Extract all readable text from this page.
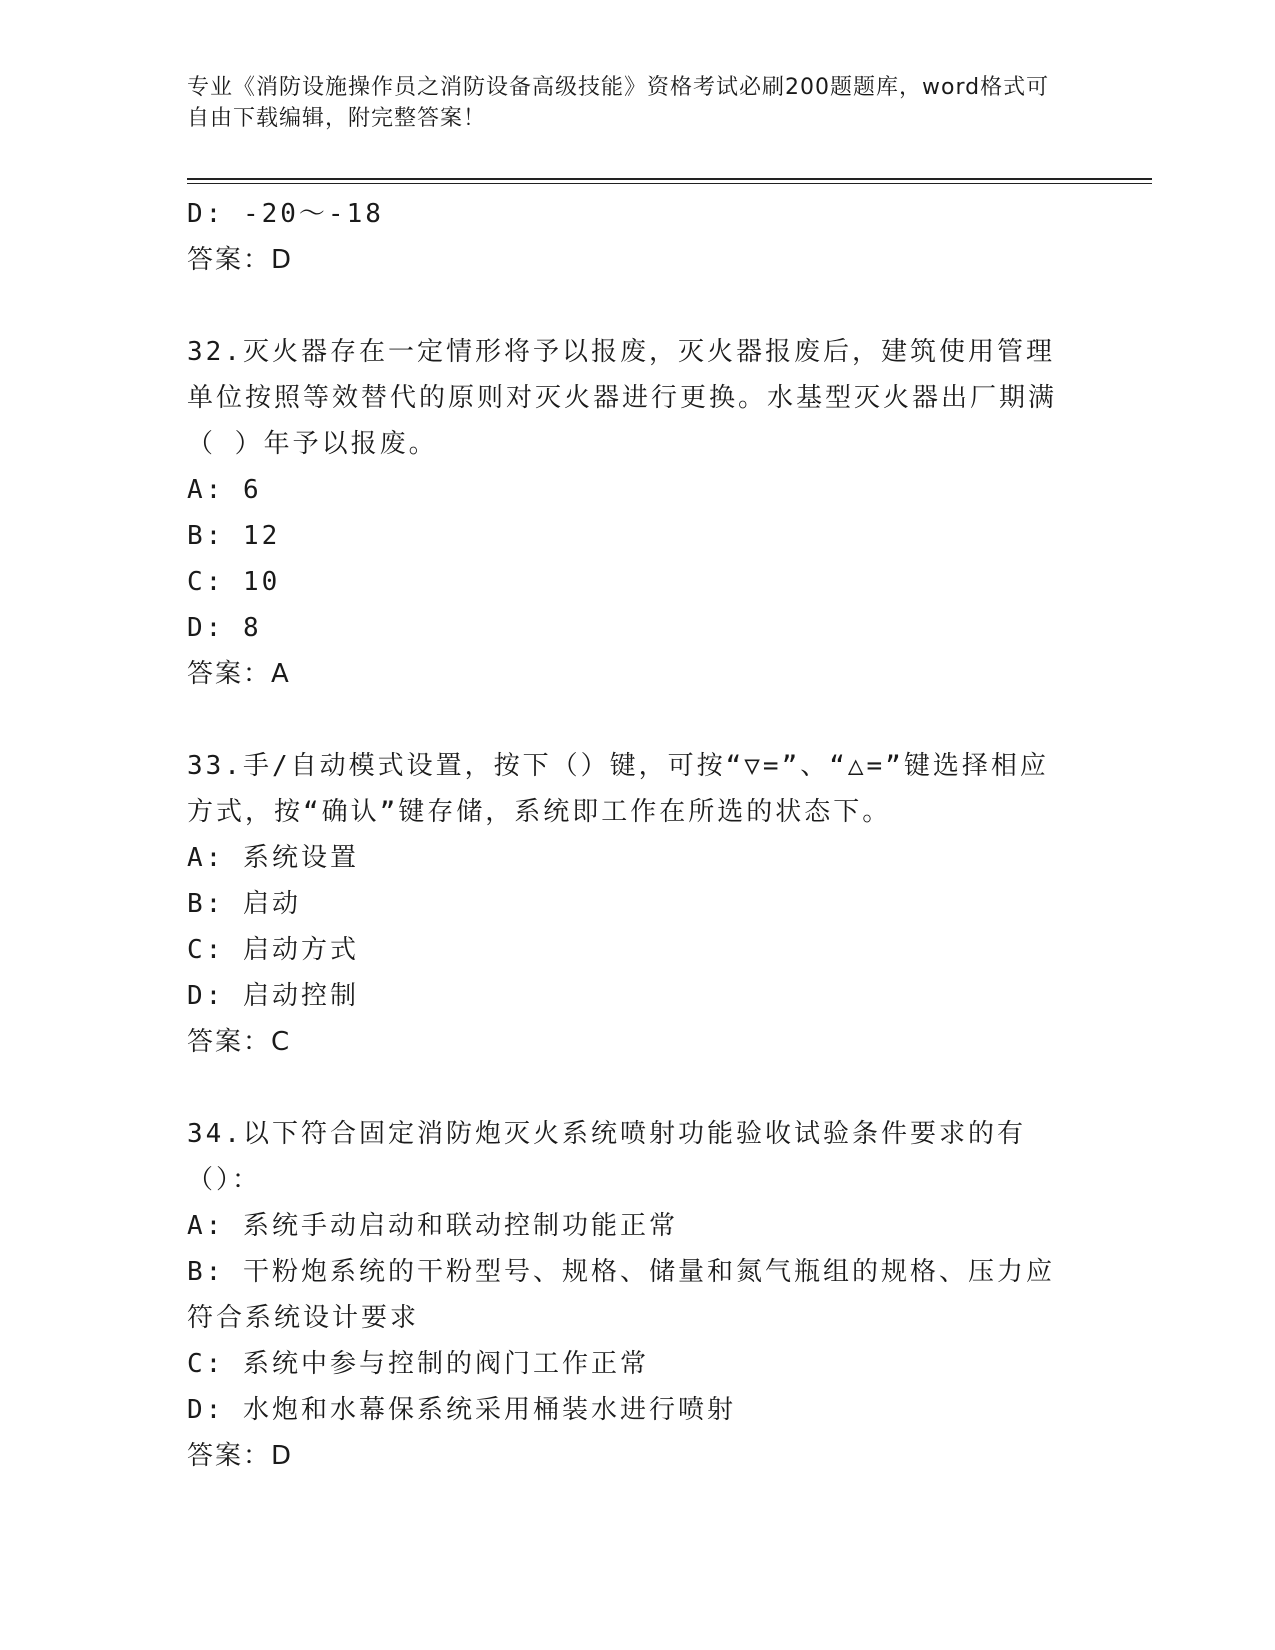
专业《消防设施操作员之消防设备高级技能》资格考试必刷200题题库，word格式可自由下载编辑，附完整答案！

D: -20～-18

答案：D

32.灭火器存在一定情形将予以报废，灭火器报废后，建筑使用管理单位按照等效替代的原则对灭火器进行更换。水基型灭火器出厂期满（ ）年予以报废。

A: 6

B: 12

C: 10

D: 8

答案：A

33.手/自动模式设置，按下（）键，可按“▽=”、“△=”键选择相应方式，按“确认”键存储，系统即工作在所选的状态下。

A: 系统设置

B: 启动

C: 启动方式

D: 启动控制

答案：C

34.以下符合固定消防炮灭火系统喷射功能验收试验条件要求的有（）：

A: 系统手动启动和联动控制功能正常

B: 干粉炮系统的干粉型号、规格、储量和氮气瓶组的规格、压力应符合系统设计要求

C: 系统中参与控制的阀门工作正常

D: 水炮和水幕保系统采用桶装水进行喷射

答案：D
